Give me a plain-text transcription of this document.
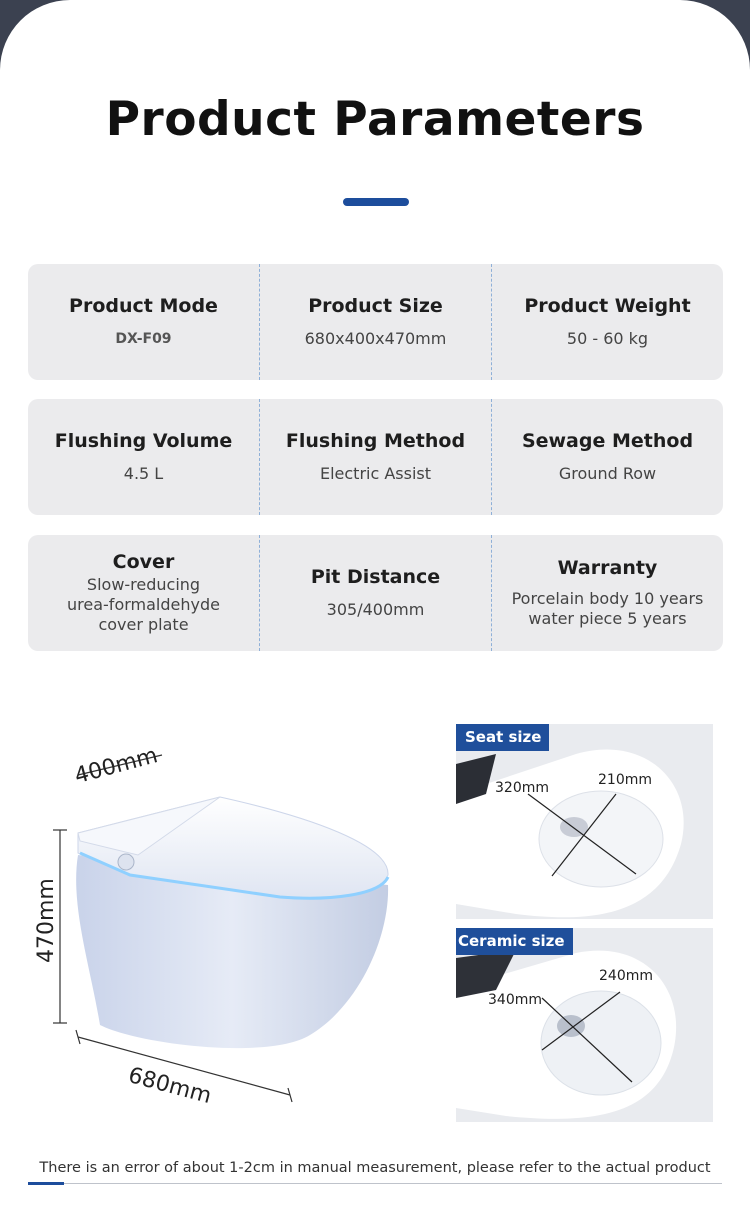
Product Parameters
Product Mode
DX-F09
Product Size
680x400x470mm
Product Weight
50 - 60 kg
Flushing Volume
4.5 L
Flushing Method
Electric Assist
Sewage Method
Ground Row
Cover
Slow-reducing
urea-formaldehyde
cover plate
Pit Distance
305/400mm
Warranty
Porcelain body 10 years
water piece 5 years
400mm
470mm
680mm
Seat size
320mm	210mm
Ceramic size
340mm
240mm
There is an error of about 1-2cm in manual measurement, please refer to the actual product
